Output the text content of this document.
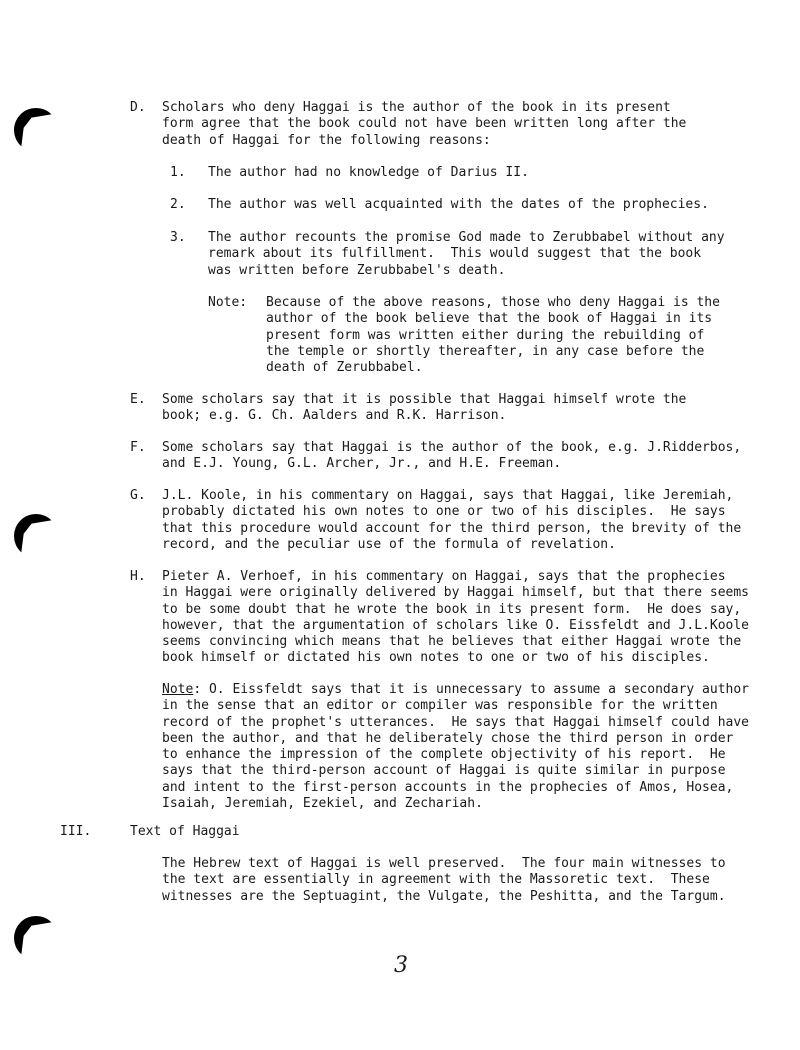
D. Scholars who deny Haggai is the author of the book in its present
form agree that the book could not have been written long after the
death of Haggai for the following reasons:
1. The author had no knowledge of Darius II.
2. The author was well acquainted with the dates of the prophecies.
3. The author recounts the promise God made to Zerubbabel without any
remark about its fulfillment.  This would suggest that the book
was written before Zerubbabel's death.
Note: Because of the above reasons, those who deny Haggai is the
author of the book believe that the book of Haggai in its
present form was written either during the rebuilding of
the temple or shortly thereafter, in any case before the
death of Zerubbabel.
E. Some scholars say that it is possible that Haggai himself wrote the
book; e.g. G. Ch. Aalders and R.K. Harrison.
F. Some scholars say that Haggai is the author of the book, e.g. J.Ridderbos,
and E.J. Young, G.L. Archer, Jr., and H.E. Freeman.
G. J.L. Koole, in his commentary on Haggai, says that Haggai, like Jeremiah,
probably dictated his own notes to one or two of his disciples.  He says
that this procedure would account for the third person, the brevity of the
record, and the peculiar use of the formula of revelation.
H. Pieter A. Verhoef, in his commentary on Haggai, says that the prophecies
in Haggai were originally delivered by Haggai himself, but that there seems
to be some doubt that he wrote the book in its present form.  He does say,
however, that the argumentation of scholars like O. Eissfeldt and J.L.Koole
seems convincing which means that he believes that either Haggai wrote the
book himself or dictated his own notes to one or two of his disciples.
Note: O. Eissfeldt says that it is unnecessary to assume a secondary author
in the sense that an editor or compiler was responsible for the written
record of the prophet's utterances.  He says that Haggai himself could have
been the author, and that he deliberately chose the third person in order
to enhance the impression of the complete objectivity of his report.  He
says that the third-person account of Haggai is quite similar in purpose
and intent to the first-person accounts in the prophecies of Amos, Hosea,
Isaiah, Jeremiah, Ezekiel, and Zechariah.
III.	Text of Haggai
The Hebrew text of Haggai is well preserved.  The four main witnesses to
the text are essentially in agreement with the Massoretic text.  These
witnesses are the Septuagint, the Vulgate, the Peshitta, and the Targum.
3
